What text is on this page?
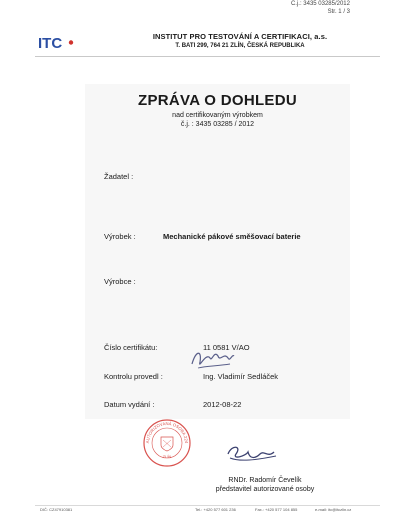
Č.j.: 3435 03285/2012
Str. 1 / 3
ITC	INSTITUT PRO TESTOVÁNÍ A CERTIFIKACI, a.s.
T. BATI 299, 764 21 ZLÍN, ČESKÁ REPUBLIKA
ZPRÁVA O DOHLEDU
nad certifikovaným výrobkem
č.j. : 3435 03285 / 2012
Žadatel :
Výrobek :	Mechanické pákové směšovací baterie
Výrobce :
Číslo certifikátu:	11 0581 V/AO
Kontrolu provedl :	Ing. Vladimír Sedláček
Datum vydání :	2012-08-22
AUTORIZOVANÁ OSOBA 224
ZLÍN
RNDr. Radomír Čevelík
představitel autorizované osoby
DIČ: CZ47910381	Tel.: +420 577 601 236	Fax.: +420 577 104 855	e-mail: itc@itczlin.cz
